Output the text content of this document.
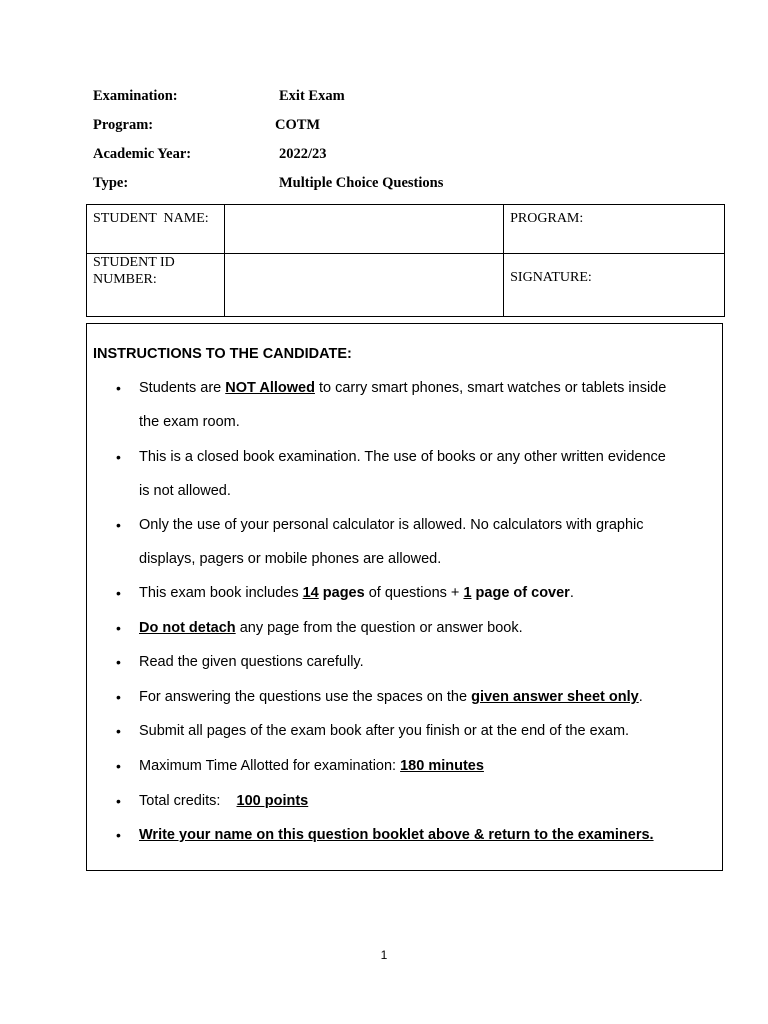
Examination:	Exit Exam
Program:	COTM
Academic Year:	2022/23
Type:	Multiple Choice Questions
STUDENT  NAME:		PROGRAM:

STUDENT ID
NUMBER:		SIGNATURE:
INSTRUCTIONS TO THE CANDIDATE:
• Students are NOT Allowed to carry smart phones, smart watches or tablets inside
the exam room.
• This is a closed book examination. The use of books or any other written evidence
is not allowed.
• Only the use of your personal calculator is allowed. No calculators with graphic
displays, pagers or mobile phones are allowed.
• This exam book includes 14 pages of questions + 1 page of cover.
• Do not detach any page from the question or answer book.
• Read the given questions carefully.
• For answering the questions use the spaces on the given answer sheet only.
• Submit all pages of the exam book after you finish or at the end of the exam.
• Maximum Time Allotted for examination: 180 minutes
• Total credits:    100 points
• Write your name on this question booklet above & return to the examiners.
1
